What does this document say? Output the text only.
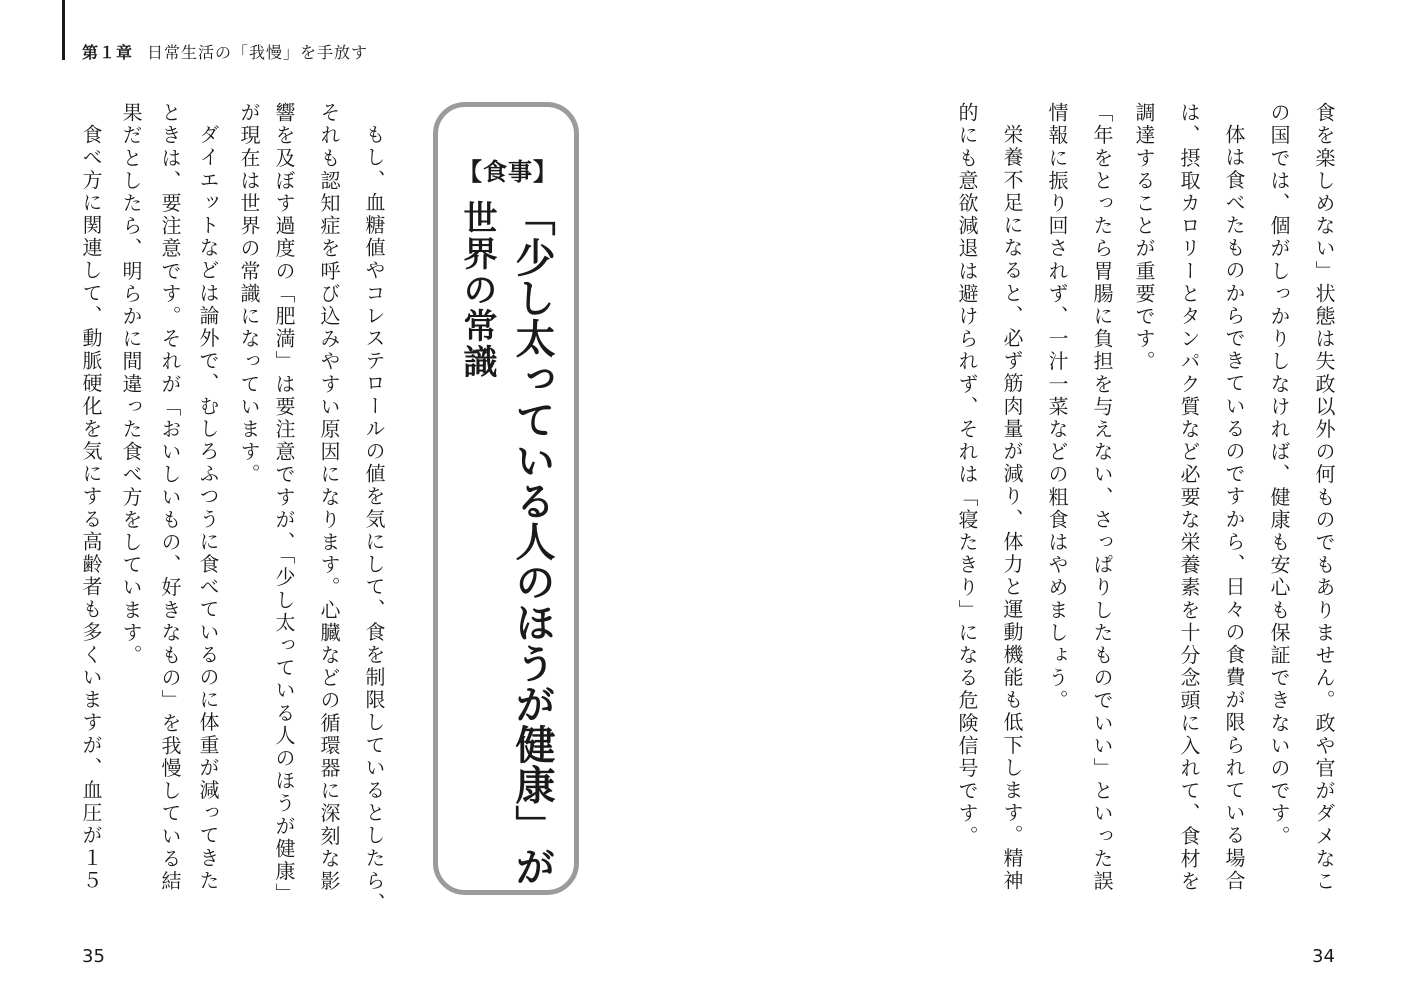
第１章 日常生活の「我慢」を手放す
食を楽しめない」状態は失政以外の何ものでもありません。政や官がダメなこ
の国では、個がしっかりしなければ、健康も安心も保証できないのです。
体は食べたものからできているのですから、日々の食費が限られている場合
は、摂取カロリーとタンパク質など必要な栄養素を十分念頭に入れて、食材を
調達することが重要です。
「年をとったら胃腸に負担を与えない、さっぱりしたものでいい」といった誤
情報に振り回されず、一汁一菜などの粗食はやめましょう。
栄養不足になると、必ず筋肉量が減り、体力と運動機能も低下します。精神
的にも意欲減退は避けられず、それは「寝たきり」になる危険信号です。
34
【食事】
「少し太っている人のほうが健康」が
世界の常識
もし、血糖値やコレステロールの値を気にして、食を制限しているとしたら、
それも認知症を呼び込みやすい原因になります。心臓などの循環器に深刻な影
響を及ぼす過度の「肥満」は要注意ですが、「少し太っている人のほうが健康」
が現在は世界の常識になっています。
ダイエットなどは論外で、むしろふつうに食べているのに体重が減ってきた
ときは、要注意です。それが「おいしいもの、好きなもの」を我慢している結
果だとしたら、明らかに間違った食べ方をしています。
食べ方に関連して、動脈硬化を気にする高齢者も多くいますが、血圧が１５
35
